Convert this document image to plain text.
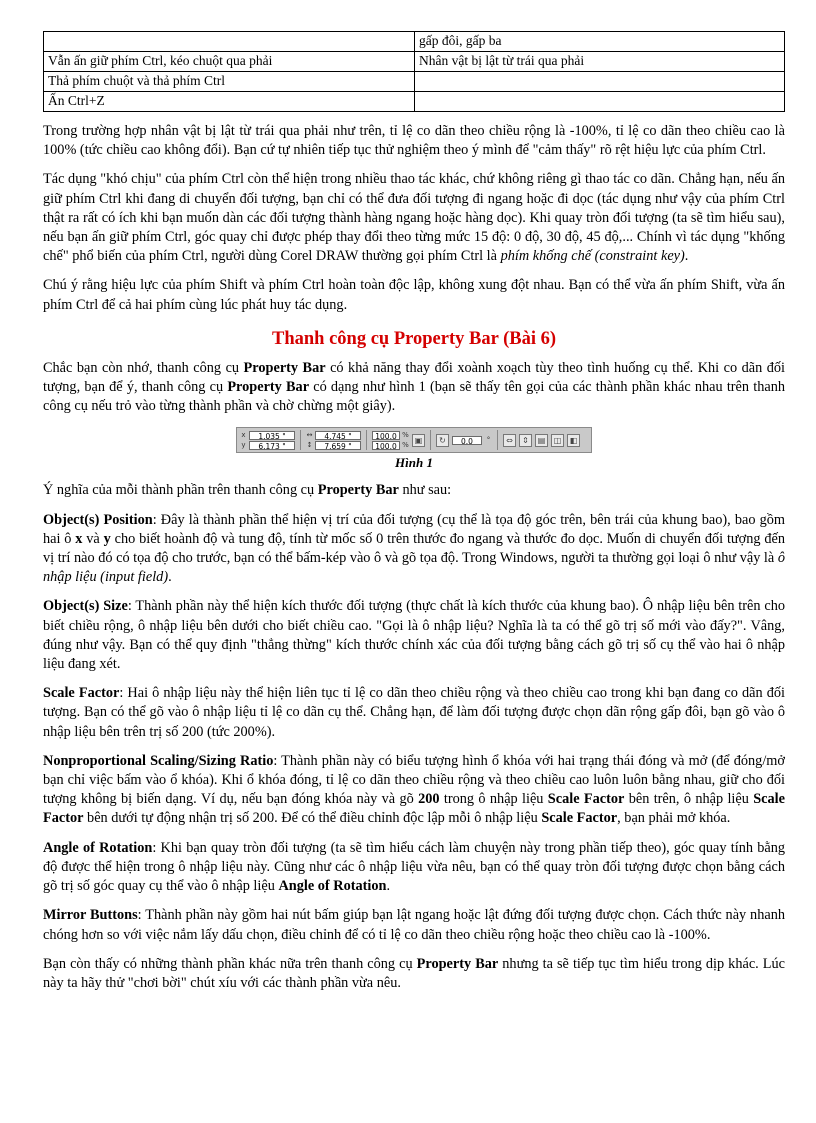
	gấp đôi, gấp ba
Vẫn ấn giữ phím Ctrl, kéo chuột qua phải	Nhân vật bị lật từ trái qua phải
Thả phím chuột và thả phím Ctrl	
Ấn Ctrl+Z	

Trong trường hợp nhân vật bị lật từ trái qua phải như trên, tỉ lệ co dãn theo chiều rộng là -100%, tỉ lệ co dãn theo chiều cao là 100% (tức chiều cao không đổi). Bạn cứ tự nhiên tiếp tục thử nghiệm theo ý mình để "cảm thấy" rõ rệt hiệu lực của phím Ctrl.

Tác dụng "khó chịu" của phím Ctrl còn thể hiện trong nhiều thao tác khác, chứ không riêng gì thao tác co dãn. Chẳng hạn, nếu ấn giữ phím Ctrl khi đang di chuyển đối tượng, bạn chỉ có thể đưa đối tượng đi ngang hoặc đi dọc (tác dụng như vậy của phím Ctrl thật ra rất có ích khi bạn muốn dàn các đối tượng thành hàng ngang hoặc hàng dọc). Khi quay tròn đối tượng (ta sẽ tìm hiểu sau), nếu bạn ấn giữ phím Ctrl, góc quay chỉ được phép thay đổi theo từng mức 15 độ: 0 độ, 30 độ, 45 độ,... Chính vì tác dụng "khống chế" phổ biến của phím Ctrl, người dùng Corel DRAW thường gọi phím Ctrl là phím khống chế (constraint key).

Chú ý rằng hiệu lực của phím Shift và phím Ctrl hoàn toàn độc lập, không xung đột nhau. Bạn có thể vừa ấn phím Shift, vừa ấn phím Ctrl để cả hai phím cùng lúc phát huy tác dụng.

Thanh công cụ Property Bar (Bài 6)

Chắc bạn còn nhớ, thanh công cụ Property Bar có khả năng thay đổi xoành xoạch tùy theo tình huống cụ thể. Khi co dãn đối tượng, bạn để ý, thanh công cụ Property Bar có dạng như hình 1 (bạn sẽ thấy tên gọi của các thành phần khác nhau trên thanh công cụ nếu trỏ vào từng thành phần và chờ chừng một giây).

x	1.035 "
y	6.173 "
↔	4.745 "
↕	7.659 "
100.0 %
100.0 %
▣	↻	0.0	°	⇔	⇕	▤	◫	◧
Hình 1

Ý nghĩa của mỗi thành phần trên thanh công cụ Property Bar như sau:

Object(s) Position: Đây là thành phần thể hiện vị trí của đối tượng (cụ thể là tọa độ góc trên, bên trái của khung bao), bao gồm hai ô x và y cho biết hoành độ và tung độ, tính từ mốc số 0 trên thước đo ngang và thước đo dọc. Muốn di chuyển đối tượng đến vị trí nào đó có tọa độ cho trước, bạn có thể bấm-kép vào ô và gõ tọa độ. Trong Windows, người ta thường gọi loại ô như vậy là ô nhập liệu (input field).

Object(s) Size: Thành phần này thể hiện kích thước đối tượng (thực chất là kích thước của khung bao). Ô nhập liệu bên trên cho biết chiều rộng, ô nhập liệu bên dưới cho biết chiều cao. "Gọi là ô nhập liệu? Nghĩa là ta có thể gõ trị số mới vào đấy?". Vâng, đúng như vậy. Bạn có thể quy định "thẳng thừng" kích thước chính xác của đối tượng bằng cách gõ trị số cụ thể vào hai ô nhập liệu đang xét.

Scale Factor: Hai ô nhập liệu này thể hiện liên tục tỉ lệ co dãn theo chiều rộng và theo chiều cao trong khi bạn đang co dãn đối tượng. Bạn có thể gõ vào ô nhập liệu tỉ lệ co dãn cụ thể. Chẳng hạn, để làm đối tượng được chọn dãn rộng gấp đôi, bạn gõ vào ô nhập liệu bên trên trị số 200 (tức 200%).

Nonproportional Scaling/Sizing Ratio: Thành phần này có biểu tượng hình ổ khóa với hai trạng thái đóng và mở (để đóng/mở bạn chỉ việc bấm vào ổ khóa). Khi ổ khóa đóng, tỉ lệ co dãn theo chiều rộng và theo chiều cao luôn luôn bằng nhau, giữ cho đối tượng không bị biến dạng. Ví dụ, nếu bạn đóng khóa này và gõ 200 trong ô nhập liệu Scale Factor bên trên, ô nhập liệu Scale Factor bên dưới tự động nhận trị số 200. Để có thể điều chỉnh độc lập mỗi ô nhập liệu Scale Factor, bạn phải mở khóa.

Angle of Rotation: Khi bạn quay tròn đối tượng (ta sẽ tìm hiểu cách làm chuyện này trong phần tiếp theo), góc quay tính bằng độ được thể hiện trong ô nhập liệu này. Cũng như các ô nhập liệu vừa nêu, bạn có thể quay tròn đối tượng được chọn bằng cách gõ trị số góc quay cụ thể vào ô nhập liệu Angle of Rotation.

Mirror Buttons: Thành phần này gồm hai nút bấm giúp bạn lật ngang hoặc lật đứng đối tượng được chọn. Cách thức này nhanh chóng hơn so với việc nắm lấy dấu chọn, điều chỉnh để có tỉ lệ co dãn theo chiều rộng hoặc theo chiều cao là -100%.

Bạn còn thấy có những thành phần khác nữa trên thanh công cụ Property Bar nhưng ta sẽ tiếp tục tìm hiểu trong dịp khác. Lúc này ta hãy thử "chơi bời" chút xíu với các thành phần vừa nêu.
